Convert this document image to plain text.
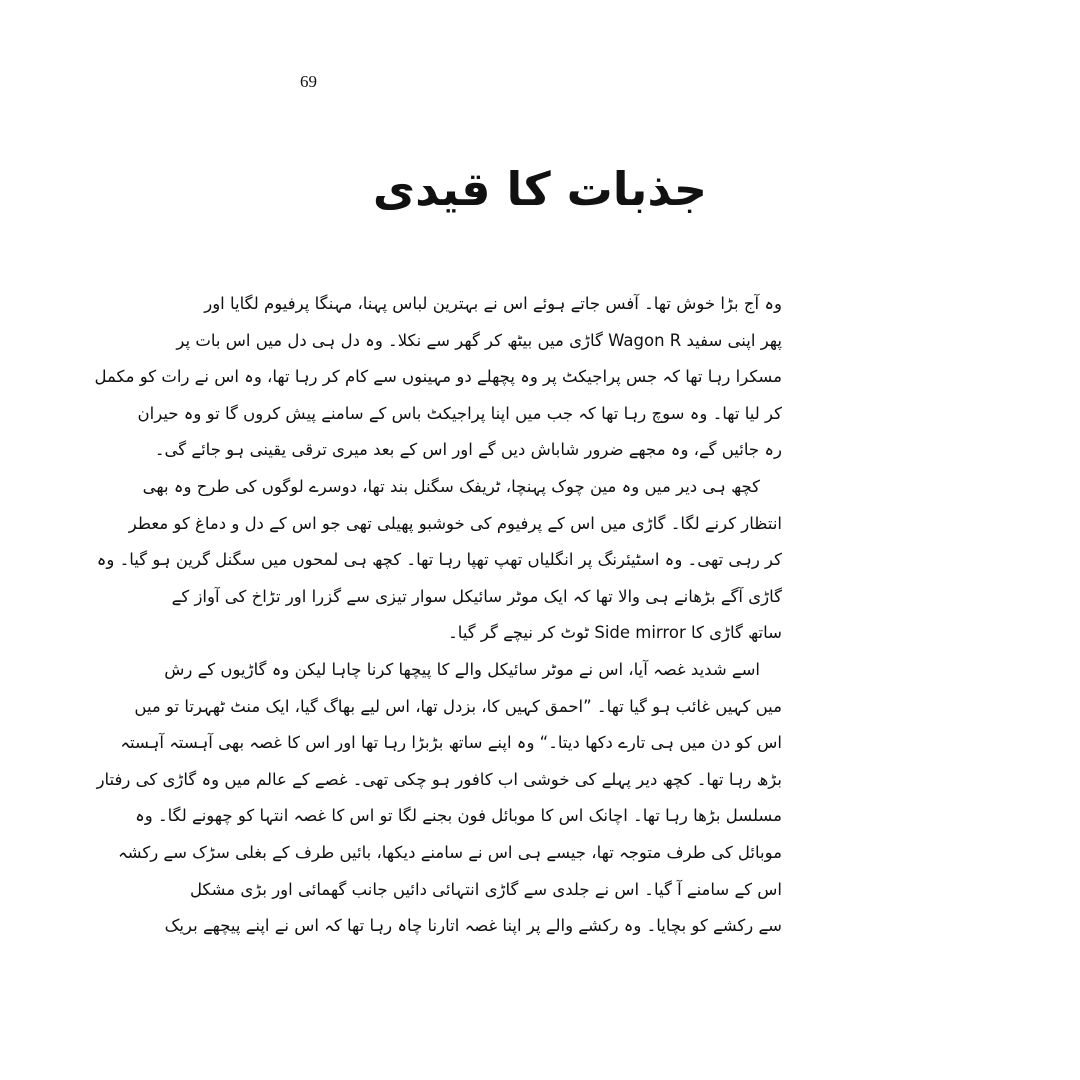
69
جذبات کا قیدی
وہ آج بڑا خوش تھا۔ آفس جاتے ہوئے اس نے بہترین لباس پہنا، مہنگا پرفیوم لگایا اور
پھر اپنی سفید Wagon R گاڑی میں بیٹھ کر گھر سے نکلا۔ وہ دل ہی دل میں اس بات پر
مسکرا رہا تھا کہ جس پراجیکٹ پر وہ پچھلے دو مہینوں سے کام کر رہا تھا، وہ اس نے رات کو مکمل
کر لیا تھا۔ وہ سوچ رہا تھا کہ جب میں اپنا پراجیکٹ باس کے سامنے پیش کروں گا تو وہ حیران
رہ جائیں گے، وہ مجھے ضرور شاباش دیں گے اور اس کے بعد میری ترقی یقینی ہو جائے گی۔
کچھ ہی دیر میں وہ مین چوک پہنچا، ٹریفک سگنل بند تھا، دوسرے لوگوں کی طرح وہ بھی
انتظار کرنے لگا۔ گاڑی میں اس کے پرفیوم کی خوشبو پھیلی تھی جو اس کے دل و دماغ کو معطر
کر رہی تھی۔ وہ اسٹیئرنگ پر انگلیاں تھپ تھپا رہا تھا۔ کچھ ہی لمحوں میں سگنل گرین ہو گیا۔ وہ
گاڑی آگے بڑھانے ہی والا تھا کہ ایک موٹر سائیکل سوار تیزی سے گزرا اور تڑاخ کی آواز کے
ساتھ گاڑی کا Side mirror ٹوٹ کر نیچے گر گیا۔
اسے شدید غصہ آیا، اس نے موٹر سائیکل والے کا پیچھا کرنا چاہا لیکن وہ گاڑیوں کے رش
میں کہیں غائب ہو گیا تھا۔ ”احمق کہیں کا، بزدل تھا، اس لیے بھاگ گیا، ایک منٹ ٹھہرتا تو میں
اس کو دن میں ہی تارے دکھا دیتا۔“ وہ اپنے ساتھ بڑبڑا رہا تھا اور اس کا غصہ بھی آہستہ آہستہ
بڑھ رہا تھا۔ کچھ دیر پہلے کی خوشی اب کافور ہو چکی تھی۔ غصے کے عالم میں وہ گاڑی کی رفتار
مسلسل بڑھا رہا تھا۔ اچانک اس کا موبائل فون بجنے لگا تو اس کا غصہ انتہا کو چھونے لگا۔ وہ
موبائل کی طرف متوجہ تھا، جیسے ہی اس نے سامنے دیکھا، بائیں طرف کے بغلی سڑک سے رکشہ
اس کے سامنے آ گیا۔ اس نے جلدی سے گاڑی انتہائی دائیں جانب گھمائی اور بڑی مشکل
سے رکشے کو بچایا۔ وہ رکشے والے پر اپنا غصہ اتارنا چاہ رہا تھا کہ اس نے اپنے پیچھے بریک
